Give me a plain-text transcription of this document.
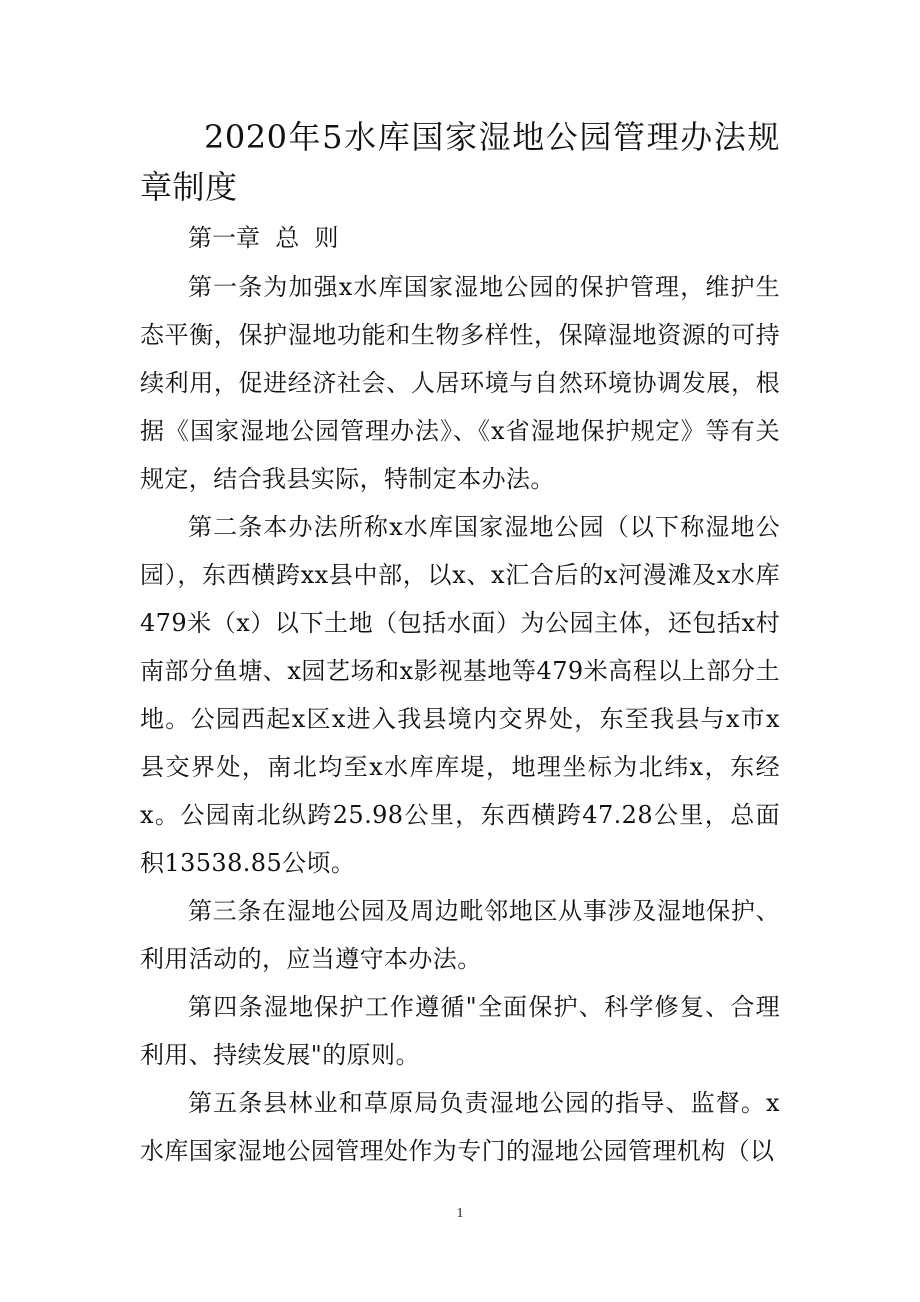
2020年5水库国家湿地公园管理办法规章制度

第一章  总  则

第一条为加强x水库国家湿地公园的保护管理，维护生态平衡，保护湿地功能和生物多样性，保障湿地资源的可持续利用，促进经济社会、人居环境与自然环境协调发展，根据《国家湿地公园管理办法》、《x省湿地保护规定》等有关规定，结合我县实际，特制定本办法。

第二条本办法所称x水库国家湿地公园（以下称湿地公园），东西横跨xx县中部，以x、x汇合后的x河漫滩及x水库479米（x）以下土地（包括水面）为公园主体，还包括x村南部分鱼塘、x园艺场和x影视基地等479米高程以上部分土地。公园西起x区x进入我县境内交界处，东至我县与x市x县交界处，南北均至x水库库堤，地理坐标为北纬x，东经x。公园南北纵跨25.98公里，东西横跨47.28公里，总面积13538.85公顷。

第三条在湿地公园及周边毗邻地区从事涉及湿地保护、利用活动的，应当遵守本办法。

第四条湿地保护工作遵循"全面保护、科学修复、合理利用、持续发展"的原则。

第五条县林业和草原局负责湿地公园的指导、监督。x水库国家湿地公园管理处作为专门的湿地公园管理机构（以

1
